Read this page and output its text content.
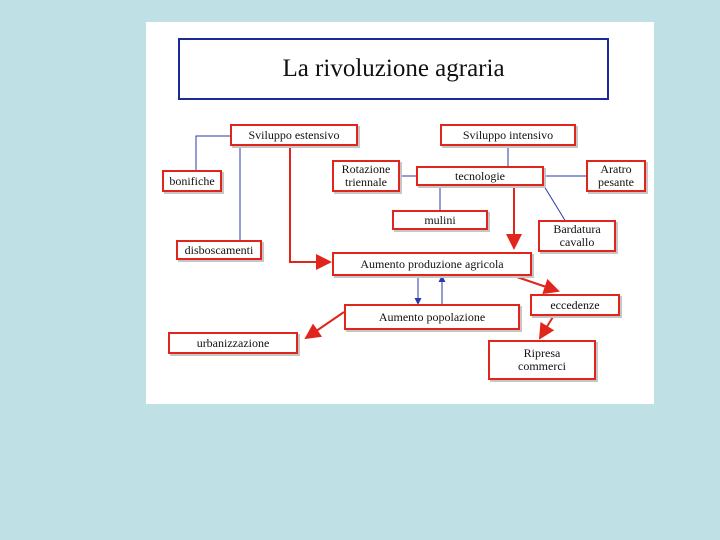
La rivoluzione agraria
Sviluppo estensivo	Sviluppo intensivo
bonifiche
Rotazione
triennale	tecnologie	Aratro
pesante
mulini
Bardatura
cavallo
disboscamenti
Aumento produzione agricola
eccedenze
Aumento popolazione
urbanizzazione
Ripresa
commerci
